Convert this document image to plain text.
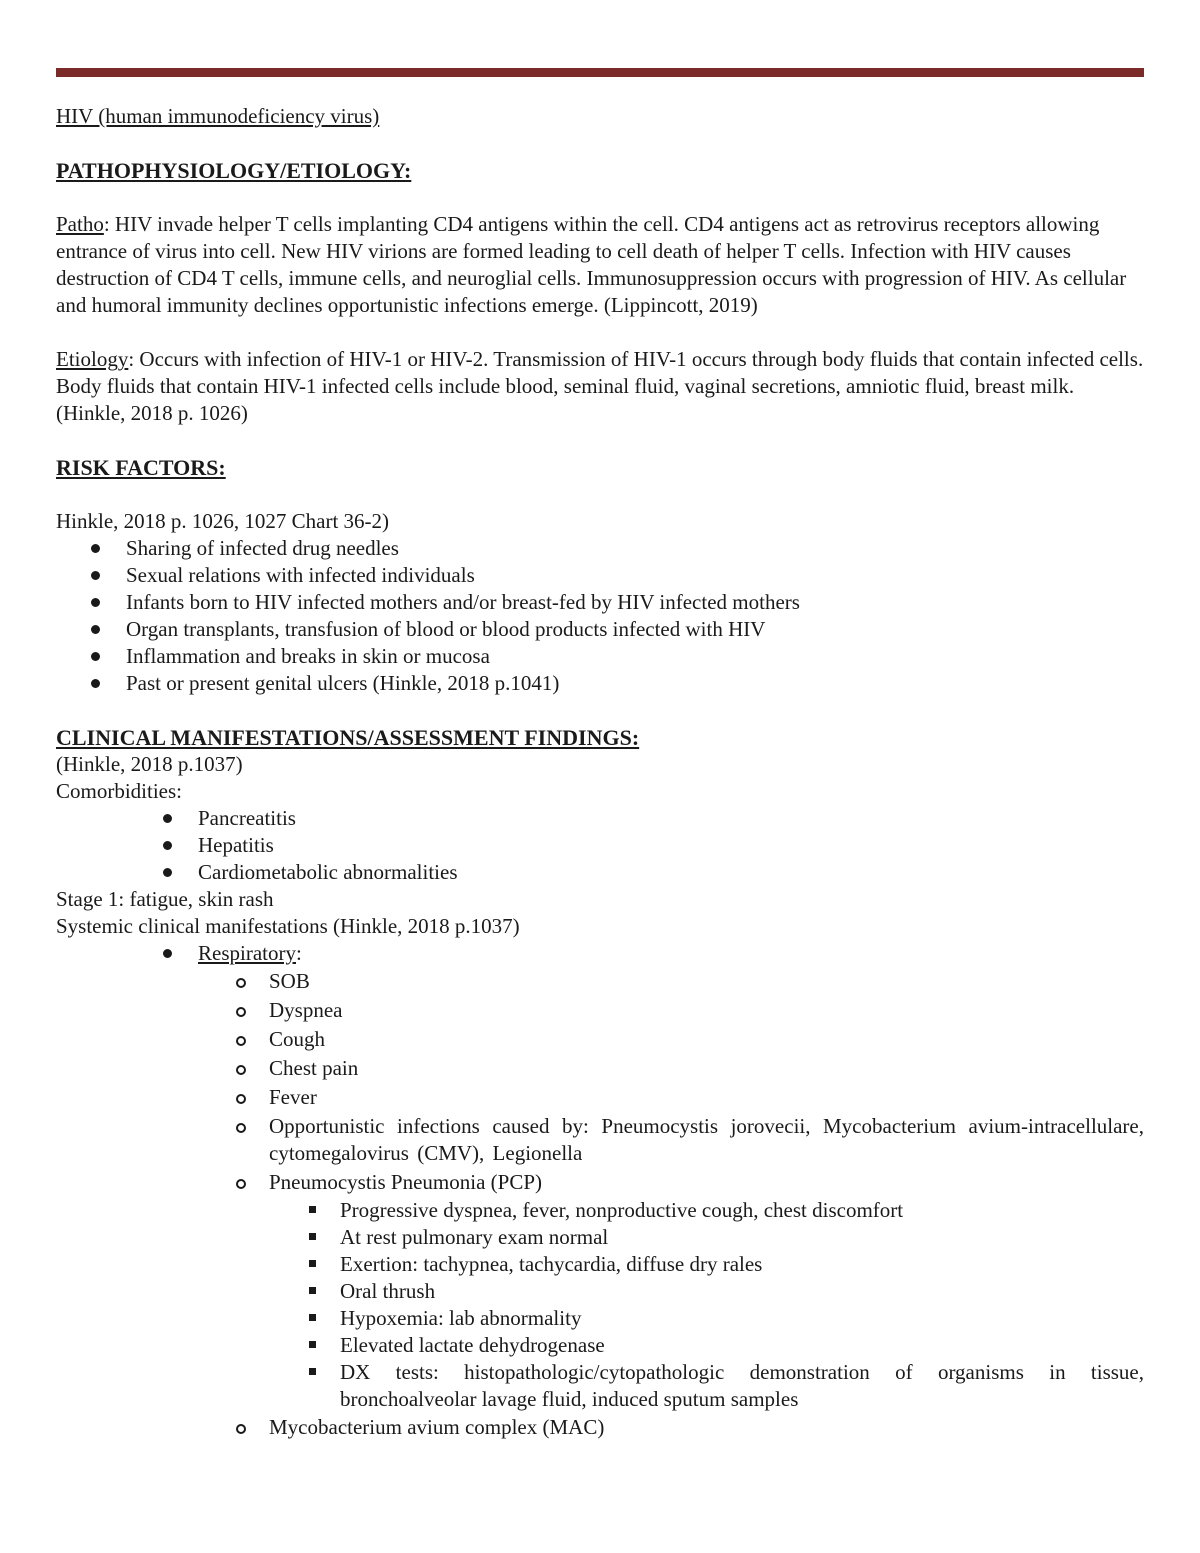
HIV (human immunodeficiency virus)

PATHOPHYSIOLOGY/ETIOLOGY:

Patho: HIV invade helper T cells implanting CD4 antigens within the cell. CD4 antigens act as retrovirus receptors allowing entrance of virus into cell. New HIV virions are formed leading to cell death of helper T cells. Infection with HIV causes destruction of CD4 T cells, immune cells, and neuroglial cells. Immunosuppression occurs with progression of HIV. As cellular and humoral immunity declines opportunistic infections emerge. (Lippincott, 2019)

Etiology: Occurs with infection of HIV-1 or HIV-2. Transmission of HIV-1 occurs through body fluids that contain infected cells. Body fluids that contain HIV-1 infected cells include blood, seminal fluid, vaginal secretions, amniotic fluid, breast milk. (Hinkle, 2018 p. 1026)

RISK FACTORS:

Hinkle, 2018 p. 1026, 1027 Chart 36-2)

Sharing of infected drug needles
Sexual relations with infected individuals
Infants born to HIV infected mothers and/or breast-fed by HIV infected mothers
Organ transplants, transfusion of blood or blood products infected with HIV
Inflammation and breaks in skin or mucosa
Past or present genital ulcers (Hinkle, 2018 p.1041)

CLINICAL MANIFESTATIONS/ASSESSMENT FINDINGS:

(Hinkle, 2018 p.1037)

Comorbidities:

Pancreatitis
Hepatitis
Cardiometabolic abnormalities

Stage 1: fatigue, skin rash

Systemic clinical manifestations (Hinkle, 2018 p.1037)

Respiratory:
SOB
Dyspnea
Cough
Chest pain
Fever
Opportunistic infections caused by: Pneumocystis jorovecii, Mycobacterium avium-intracellulare, cytomegalovirus (CMV), Legionella
Pneumocystis Pneumonia (PCP)
Progressive dyspnea, fever, nonproductive cough, chest discomfort
At rest pulmonary exam normal
Exertion: tachypnea, tachycardia, diffuse dry rales
Oral thrush
Hypoxemia: lab abnormality
Elevated lactate dehydrogenase
DX tests: histopathologic/cytopathologic demonstration of organisms in tissue, bronchoalveolar lavage fluid, induced sputum samples
Mycobacterium avium complex (MAC)
